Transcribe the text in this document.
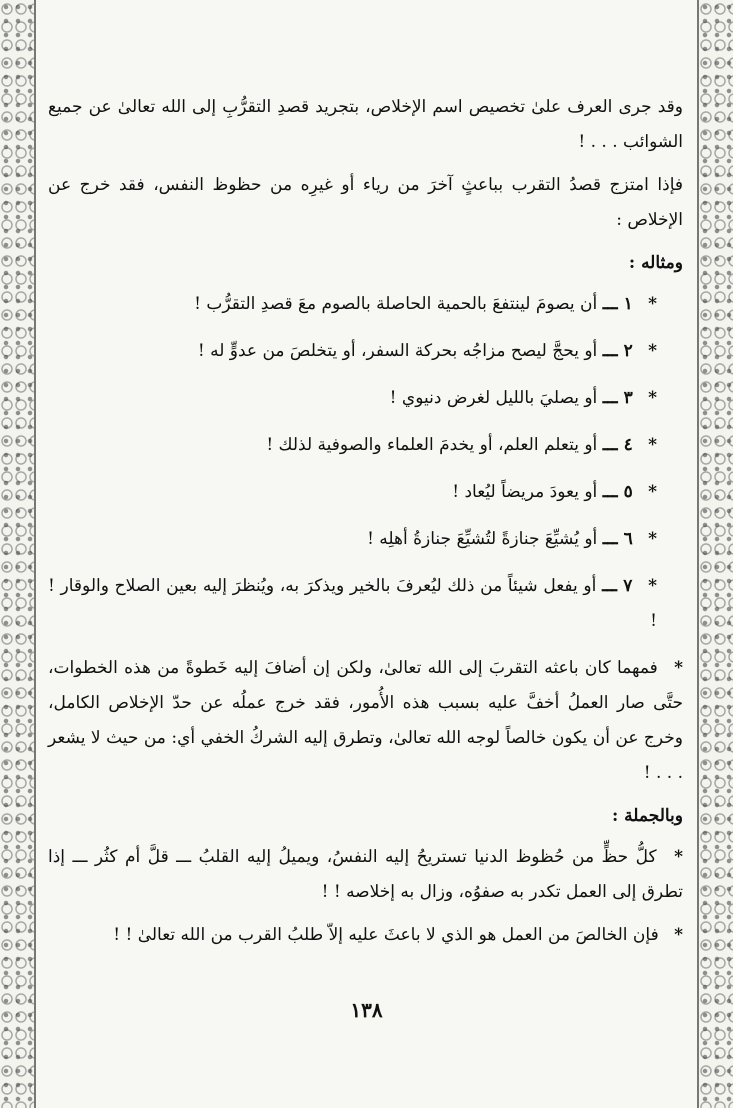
وقد جرى العرف علىٰ تخصيص اسم الإخلاص، بتجريد قصدِ التقرُّبِ إلى الله تعالىٰ عن جميع الشوائب . . . !

فإذا امتزج قصدُ التقرب بباعثٍ آخرَ من رياء أو غيرِه من حظوظ النفس، فقد خرج عن الإخلاص :

ومثاله :

* ١ ـــ أن يصومَ لينتفعَ بالحمية الحاصلة بالصوم معَ قصدِ التقرُّب !

* ٢ ـــ أو يحجَّ ليصح مزاجُه بحركة السفر، أو يتخلصَ من عدوٍّ له !

* ٣ ـــ أو يصليَ بالليل لغرض دنيوي !

* ٤ ـــ أو يتعلم العلم، أو يخدمَ العلماء والصوفية لذلك !

* ٥ ـــ أو يعودَ مريضاً ليُعاد !

* ٦ ـــ أو يُشيِّعَ جنازةً لتُشيِّعَ جنازةُ أهلِه !

* ٧ ـــ أو يفعل شيئاً من ذلك ليُعرفَ بالخير ويذكرَ به، ويُنظرَ إليه بعين الصلاح والوقار ! !

* فمهما كان باعثه التقربَ إلى الله تعالىٰ، ولكن إن أضافَ إليه خَطوةً من هذه الخطوات، حتَّى صار العملُ أخفَّ عليه بسبب هذه الأُمور، فقد خرج عملُه عن حدّ الإخلاص الكامل، وخرج عن أن يكون خالصاً لوجه الله تعالىٰ، وتطرق إليه الشركُ الخفي أي: من حيث لا يشعر . . . !

وبالجملة :

* كلُّ حظٍّ من حُظوظ الدنيا تستريحُ إليه النفسُ، ويميلُ إليه القلبُ ـــ قلَّ أم كثُر ـــ إذا تطرق إلى العمل تكدر به صفوُه، وزال به إخلاصه ! !

* فإن الخالصَ من العمل هو الذي لا باعثَ عليه إلاّ طلبُ القرب من الله تعالىٰ ! !

١٣٨
